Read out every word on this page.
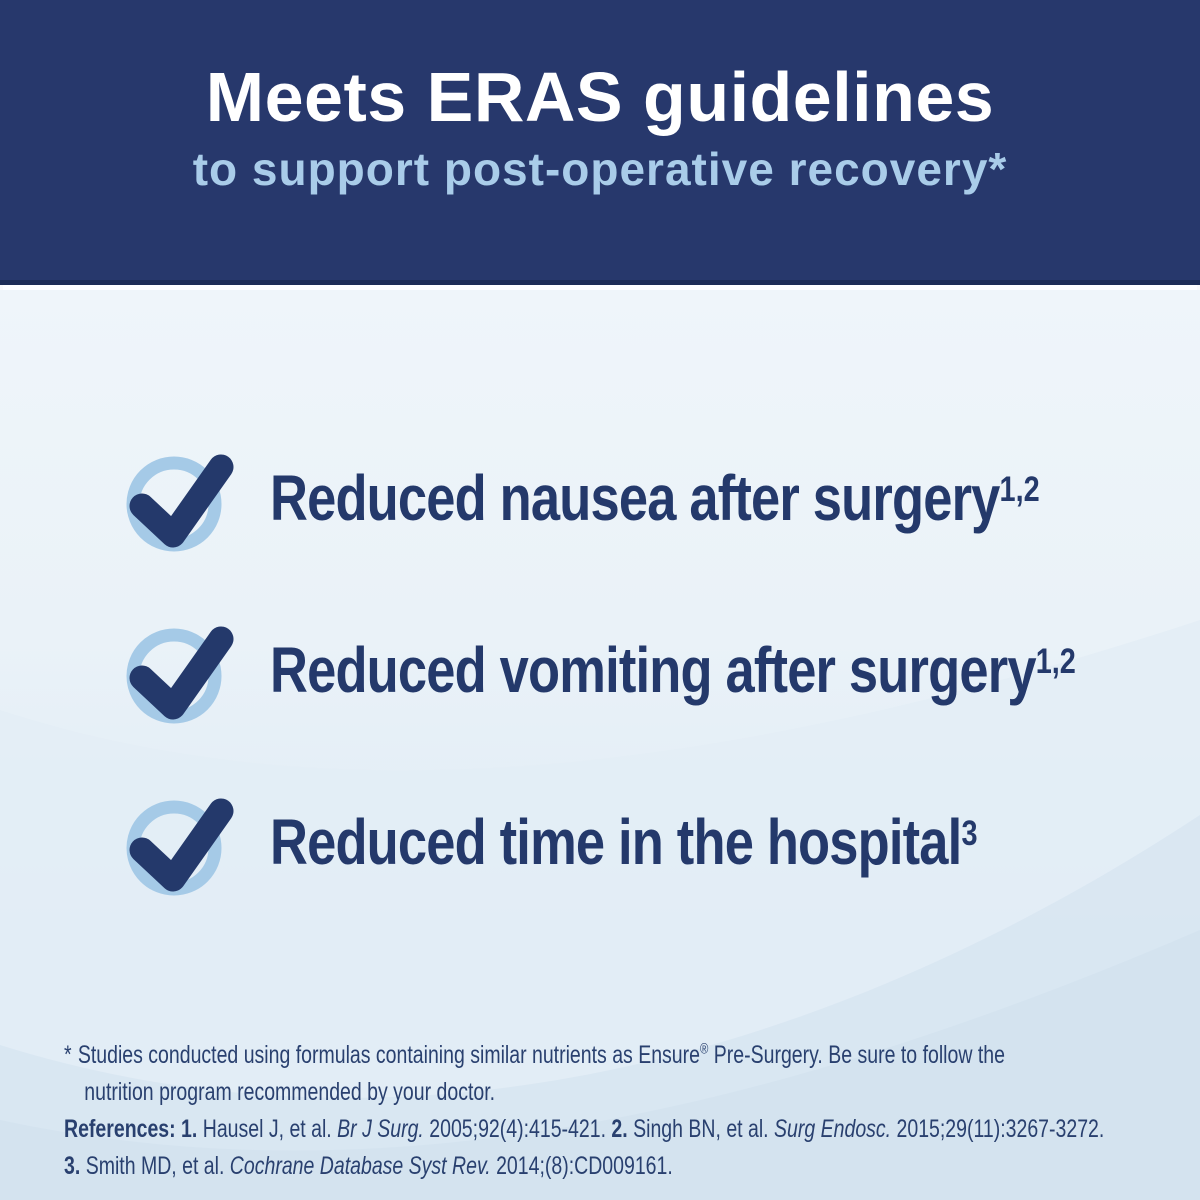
Meets ERAS guidelines
to support post-operative recovery*
Reduced nausea after surgery$^{1,2}$
Reduced vomiting after surgery$^{1,2}$
Reduced time in the hospital$^3$
* Studies conducted using formulas containing similar nutrients as Ensure® Pre-Surgery. Be sure to follow the
nutrition program recommended by your doctor.
References: 1. Hausel J, et al. Br J Surg. 2005;92(4):415-421. 2. Singh BN, et al. Surg Endosc. 2015;29(11):3267-3272.
3. Smith MD, et al. Cochrane Database Syst Rev. 2014;(8):CD009161.
